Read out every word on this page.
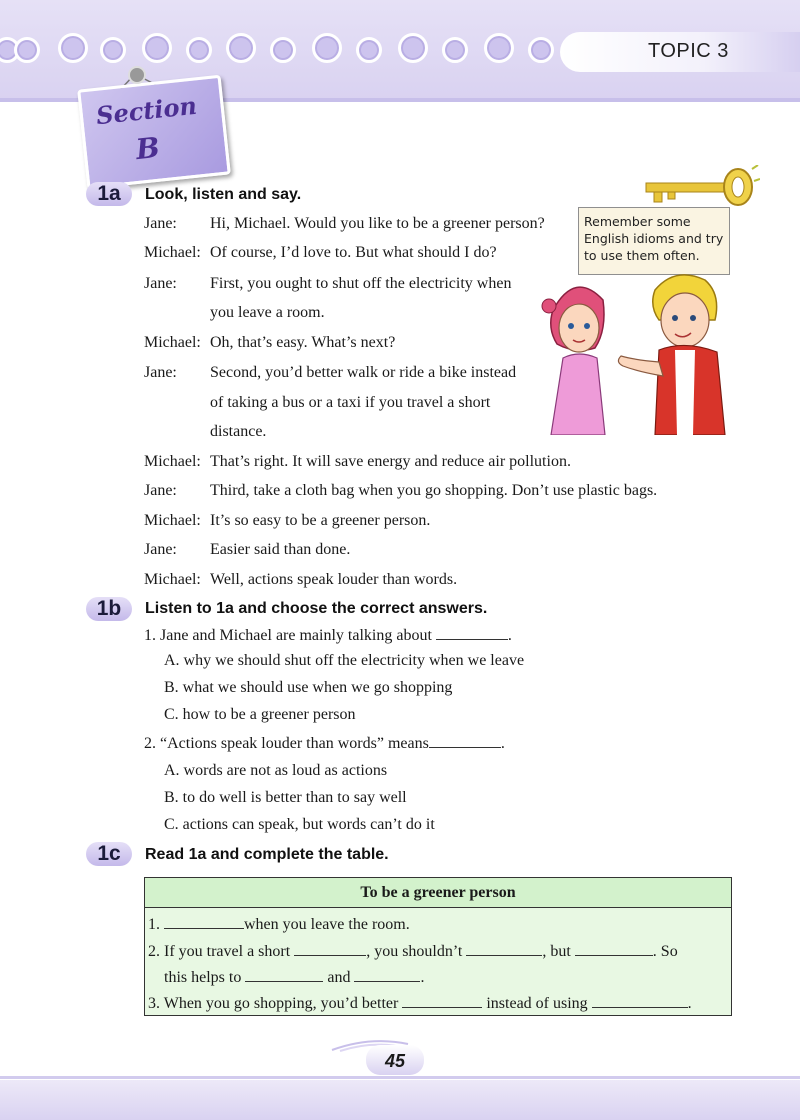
TOPIC 3
Section
B
1a	Look, listen and say.
Jane: Hi, Michael. Would you like to be a greener person?
Michael: Of course, I’d love to. But what should I do?
Jane: First, you ought to shut off the electricity when
you leave a room.
Michael: Oh, that’s easy. What’s next?
Jane: Second, you’d better walk or ride a bike instead
of taking a bus or a taxi if you travel a short
distance.
Michael: That’s right. It will save energy and reduce air pollution.
Jane: Third, take a cloth bag when you go shopping. Don’t use plastic bags.
Michael: It’s so easy to be a greener person.
Jane: Easier said than done.
Michael: Well, actions speak louder than words.
Remember some English idioms and try to use them often.
1b	Listen to 1a and choose the correct answers.
1. Jane and Michael are mainly talking about	.
A. why we should shut off the electricity when we leave
B. what we should use when we go shopping
C. how to be a greener person
2. “Actions speak louder than words” means	.
A. words are not as loud as actions
B. to do well is better than to say well
C. actions can speak, but words can’t do it
1c	Read 1a and complete the table.
To be a greener person

1.	when you leave the room.
2. If you travel a short	, you shouldn’t	, but	. So
this helps to	and	.
3. When you go shopping, you’d better	instead of using	.
45
